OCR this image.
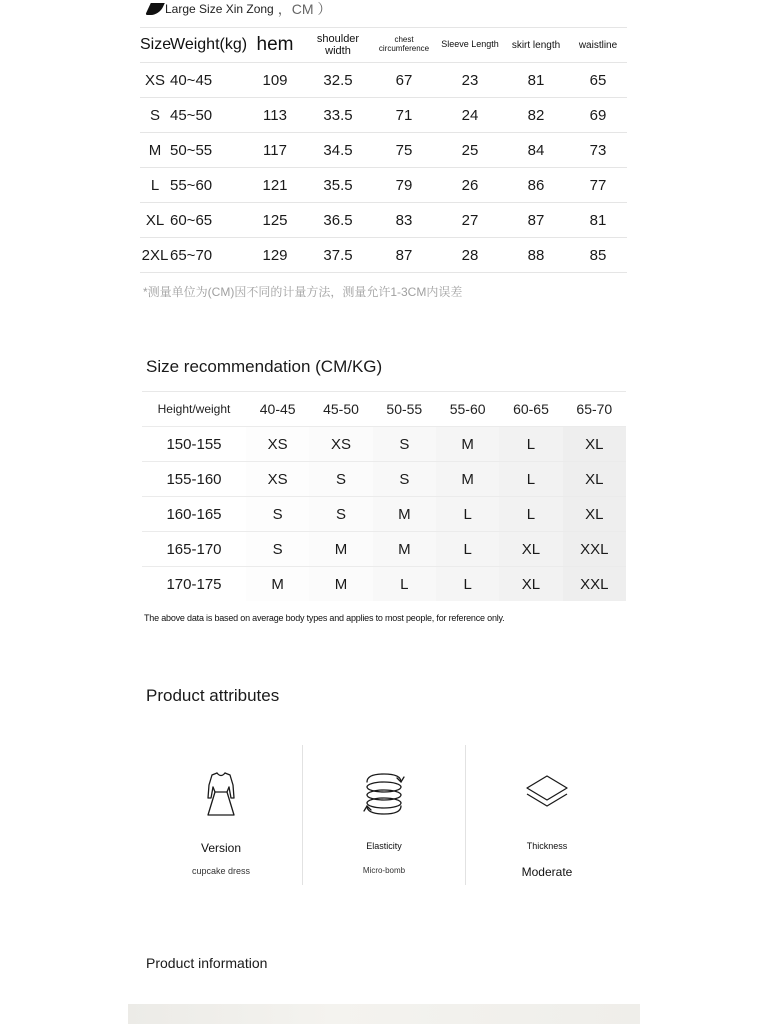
Large Size Xin Zong ，CM ）
Size	Weight(kg)	hem	shoulder width	chest circumference	Sleeve Length	skirt length	waistline
XS	40~45	109	32.5	67	23	81	65
S	45~50	113	33.5	71	24	82	69
M	50~55	117	34.5	75	25	84	73
L	55~60	121	35.5	79	26	86	77
XL	60~65	125	36.5	83	27	87	81
2XL	65~70	129	37.5	87	28	88	85
*测量单位为(CM)因不同的计量方法，测量允许1-3CM内误差
Size recommendation (CM/KG)
Height/weight	40-45	45-50	50-55	55-60	60-65	65-70
150-155	XS	XS	S	M	L	XL
155-160	XS	S	S	M	L	XL
160-165	S	S	M	L	L	XL
165-170	S	M	M	L	XL	XXL
170-175	M	M	L	L	XL	XXL
The above data is based on average body types and applies to most people, for reference only.
Product attributes
Version
cupcake dress
Elasticity
Micro-bomb
Thickness
Moderate
Product information
